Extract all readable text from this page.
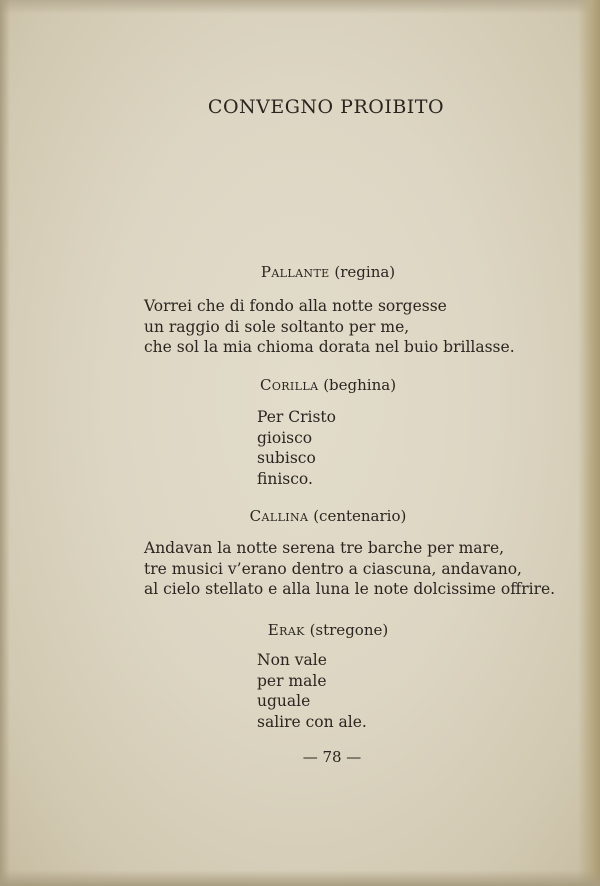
CONVEGNO PROIBITO
Pallante (regina)
Vorrei che di fondo alla notte sorgesse
un raggio di sole soltanto per me,
che sol la mia chioma dorata nel buio brillasse.
Corilla (beghina)
Per Cristo
gioisco
subisco
finisco.
Callina (centenario)
Andavan la notte serena tre barche per mare,
tre musici v’erano dentro a ciascuna, andavano,
al cielo stellato e alla luna le note dolcissime offrire.
Erak (stregone)
Non vale
per male
uguale
salire con ale.
— 78 —
